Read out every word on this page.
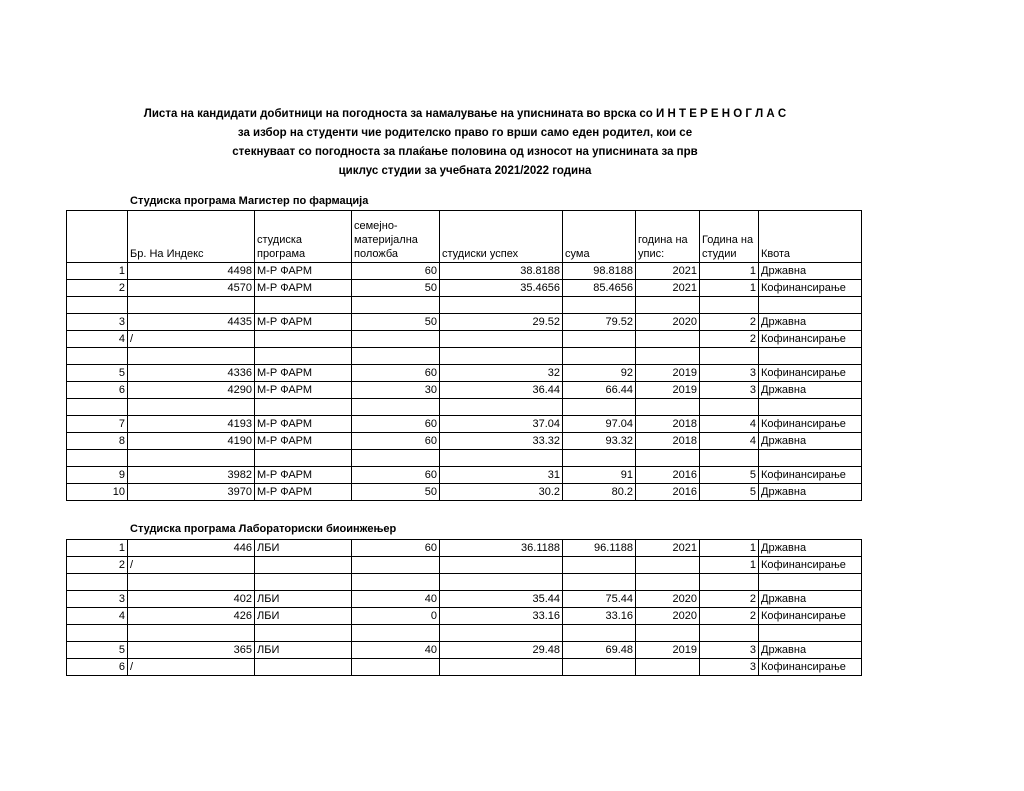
Листа на кандидати добитници на погодноста за намалување на уписнината во врска со И Н Т Е Р Е Н О Г Л А С
за избор на студенти чие родителско право го врши само еден родител, кои се
стекнуваат со погодноста за плаќање половина од износот на уписнината за прв
циклус студии за учебната 2021/2022 година
Студиска програма Магистер по фармација
	Бр. На Индекс	студиска програма	семејно-материјална положба	студиски успех	сума	година на упис:	Година на студии	Квота
1	4498	М-Р ФАРМ	60	38.8188	98.8188	2021	1	Државна
2	4570	М-Р ФАРМ	50	35.4656	85.4656	2021	1	Кофинансирање

3	4435	М-Р ФАРМ	50	29.52	79.52	2020	2	Државна
4	/						2	Кофинансирање

5	4336	М-Р ФАРМ	60	32	92	2019	3	Кофинансирање
6	4290	М-Р ФАРМ	30	36.44	66.44	2019	3	Државна

7	4193	М-Р ФАРМ	60	37.04	97.04	2018	4	Кофинансирање
8	4190	М-Р ФАРМ	60	33.32	93.32	2018	4	Државна

9	3982	М-Р ФАРМ	60	31	91	2016	5	Кофинансирање
10	3970	М-Р ФАРМ	50	30.2	80.2	2016	5	Државна
Студиска програма Лабораториски биоинжењер
1	446	ЛБИ	60	36.1188	96.1188	2021	1	Државна
2	/						1	Кофинансирање

3	402	ЛБИ	40	35.44	75.44	2020	2	Државна
4	426	ЛБИ	0	33.16	33.16	2020	2	Кофинансирање

5	365	ЛБИ	40	29.48	69.48	2019	3	Државна
6	/						3	Кофинансирање
